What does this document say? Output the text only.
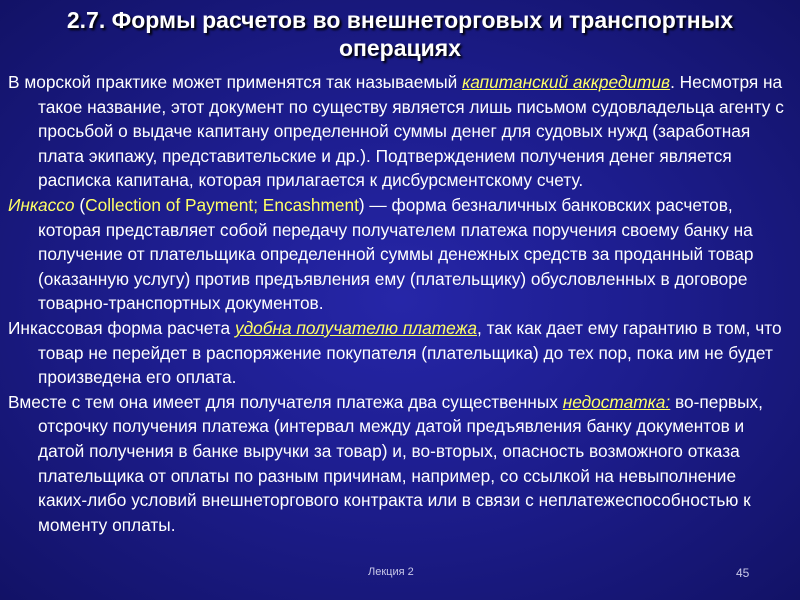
2.7. Формы расчетов во внешнеторговых и транспортных операциях

В морской практике может применятся так называемый капитанский аккредитив. Несмотря на такое название, этот документ по существу является лишь письмом судовладельца агенту с просьбой о выдаче капитану определенной суммы денег для судовых нужд (заработная плата экипажу, представительские и др.). Подтверждением получения денег является расписка капитана, которая прилагается к дисбурсментскому счету.

Инкассо (Collection of Payment; Encashment) — форма безналичных банковских расчетов, которая представляет собой передачу получателем платежа поручения своему банку на получение от плательщика определенной суммы денежных средств за проданный товар (оказанную услугу) против предъявления ему (плательщику) обусловленных в договоре товарно-транспортных документов.

Инкассовая форма расчета удобна получателю платежа, так как дает ему гарантию в том, что товар не перейдет в распоряжение покупателя (плательщика) до тех пор, пока им не будет произведена его оплата.

Вместе с тем она имеет для получателя платежа два существенных недостатка: во-первых, отсрочку получения платежа (интервал между датой предъявления банку документов и датой получения в банке выручки за товар) и, во-вторых, опасность возможного отказа плательщика от оплаты по разным причинам, например, со ссылкой на невыполнение каких-либо условий внешнеторгового контракта или в связи с неплатежеспособностью к моменту оплаты.

Лекция 2	45
